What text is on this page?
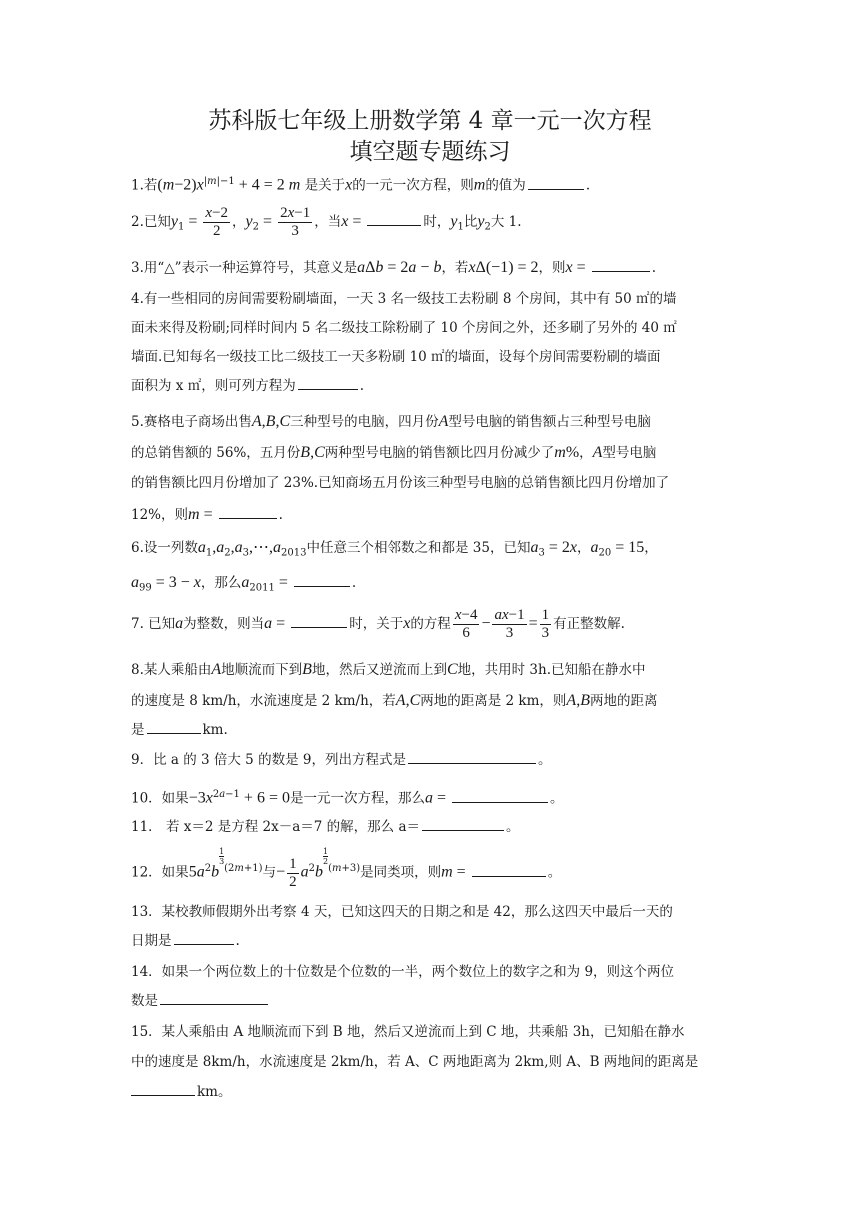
苏科版七年级上册数学第 4 章一元一次方程
填空题专题练习
1.若$(m-2)x^{|m|-1} + 4 = 2$ m 是关于x的一元一次方程，则m的值为	.
2.已知$y_1 = \frac{x-2}{2}$ ，$y_2 = \frac{2x-1}{3}$ ，当x =	时，$y_1$比$y_2$大 1.
3.用“△”表示一种运算符号，其意义是aΔb = 2a − b，若xΔ(−1) = 2，则x =	.
4.有一些相同的房间需要粉刷墙面，一天 3 名一级技工去粉刷 8 个房间，其中有 50 ㎡的墙
面未来得及粉刷;同样时间内 5 名二级技工除粉刷了 10 个房间之外，还多刷了另外的 40 ㎡
墙面.已知每名一级技工比二级技工一天多粉刷 10 ㎡的墙面，设每个房间需要粉刷的墙面
面积为 x ㎡，则可列方程为	.
5.赛格电子商场出售A,B,C三种型号的电脑，四月份A型号电脑的销售额占三种型号电脑
的总销售额的 56%，五月份B,C两种型号电脑的销售额比四月份减少了m%，A型号电脑
的销售额比四月份增加了 23%.已知商场五月份该三种型号电脑的总销售额比四月份增加了
12%，则m =	.
6.设一列数$a_1,a_2,a_3,\cdots,a_{2013}$中任意三个相邻数之和都是 35，已知$a_3 = 2x$，$a_{20} = 15$，
$a_{99} = 3 - x$，那么$a_{2011}$ =	.
7. 已知a为整数，则当a =	时，关于x的方程 $\frac{x-4}{6} - \frac{ax-1}{3} = \frac{1}{3}$ 有正整数解.
8.某人乘船由A地顺流而下到B地，然后又逆流而上到C地，共用时 3h.已知船在静水中
的速度是 8 km/h，水流速度是 2 km/h，若A,C两地的距离是 2 km，则A,B两地的距离
是	km.
9．比 a 的 3 倍大 5 的数是 9，列出方程式是	。
10．如果$-3x^{2a-1} + 6 = 0$是一元一次方程，那么a =	。
11． 若 x＝2 是方程 2x－a＝7 的解，那么 a＝	。
12．如果$5a^2b$
$^{\frac{1}{3} (2m+1)}$与− $\frac{1}{2} a^2b$
$^{\frac{1}{2} (m+3)}$是同类项，则m =	。
13．某校教师假期外出考察 4 天，已知这四天的日期之和是 42，那么这四天中最后一天的
日期是	.
14．如果一个两位数上的十位数是个位数的一半，两个数位上的数字之和为 9，则这个两位
数是
15．某人乘船由 A 地顺流而下到 B 地，然后又逆流而上到 C 地，共乘船 3h，已知船在静水
中的速度是 8km/h，水流速度是 2km/h，若 A、C 两地距离为 2km,则 A、B 两地间的距离是
km。
